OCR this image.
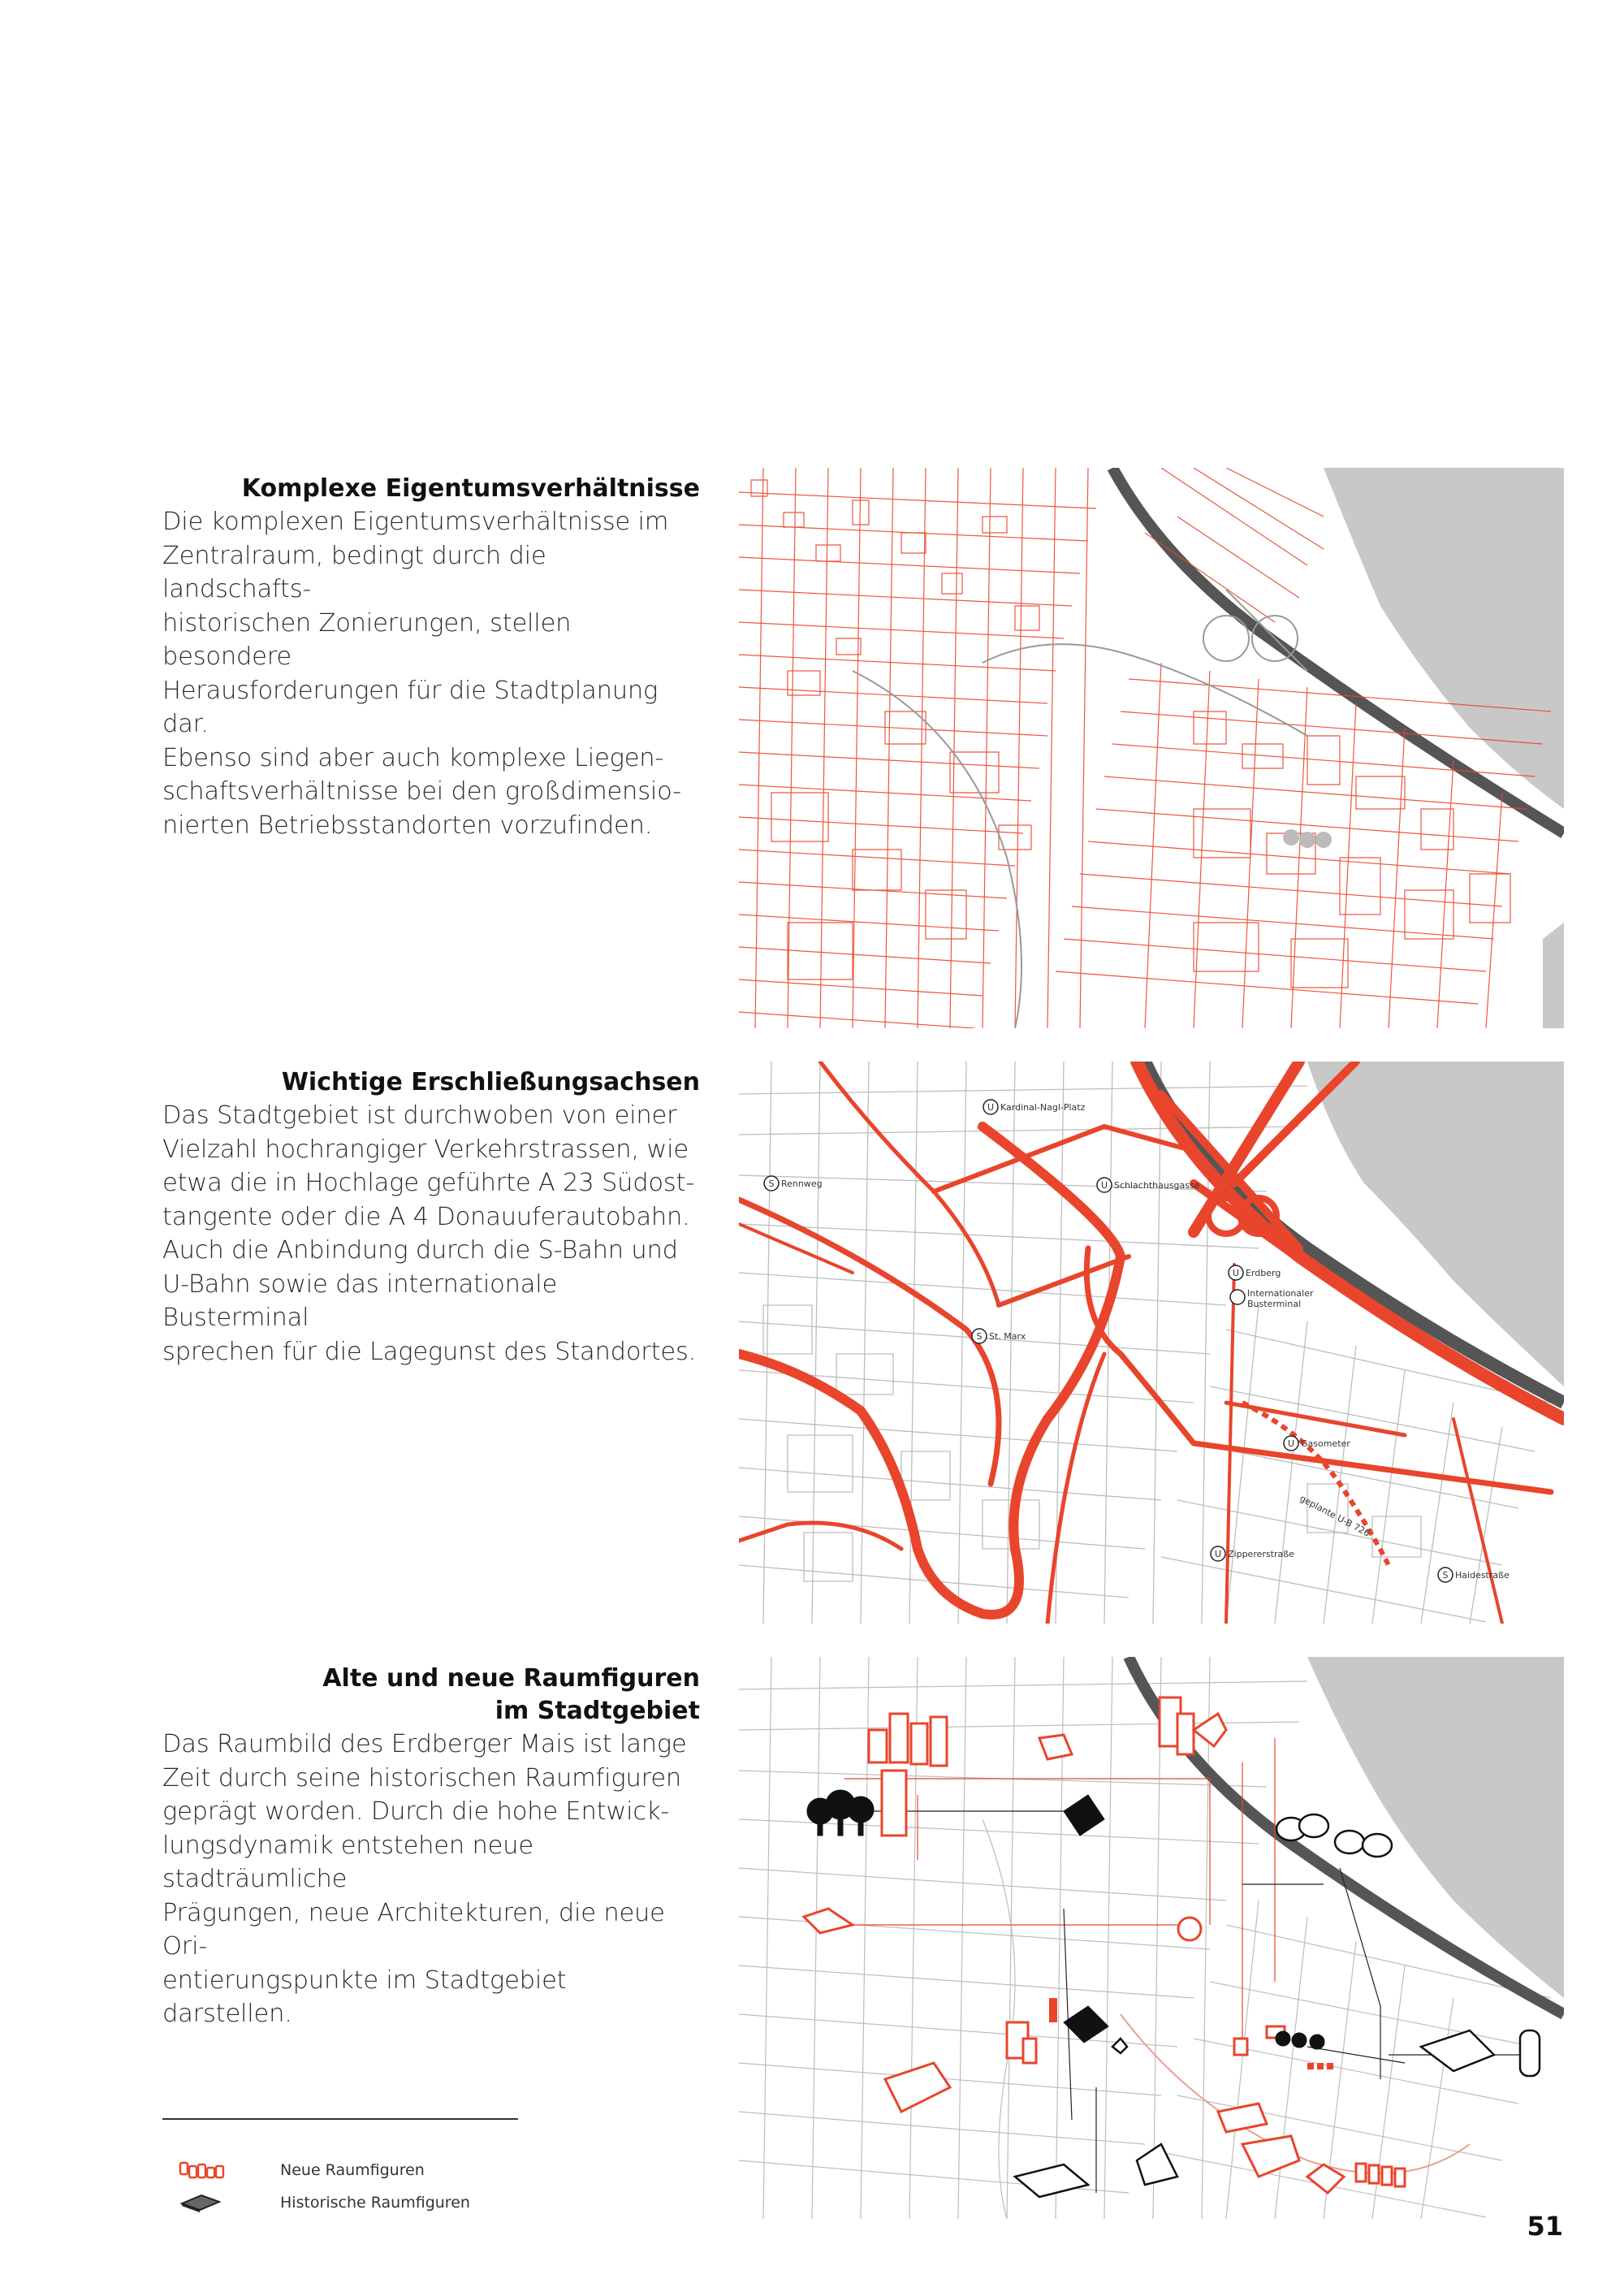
Komplexe Eigentumsverhältnisse

Die komplexen Eigentumsverhältnisse im
Zentralraum, bedingt durch die landschafts-
historischen Zonierungen, stellen besondere
Herausforderungen für die Stadtplanung dar.
Ebenso sind aber auch komplexe Liegen-
schaftsverhältnisse bei den großdimensio-
nierten Betriebsstandorten vorzufinden.

Wichtige Erschließungsachsen

Das Stadtgebiet ist durchwoben von einer
Vielzahl hochrangiger Verkehrstrassen, wie
etwa die in Hochlage geführte A 23 Südost-
tangente oder die A 4 Donauuferautobahn.
Auch die Anbindung durch die S-Bahn und
U-Bahn sowie das internationale Busterminal
sprechen für die Lagegunst des Standortes.

U
S	U
U
S
U
U
S
Kardinal-Nagl-Platz
Rennweg	Schlachthausgasse
Erdberg
Internationaler
Busterminal
St. Marx
Gasometer
geplante U-B 726
Zippererstraße
Haidestraße
Alte und neue Raumfiguren
im Stadtgebiet

Das Raumbild des Erdberger Mais ist lange
Zeit durch seine historischen Raumfiguren
geprägt worden. Durch die hohe Entwick-
lungsdynamik entstehen neue stadträumliche
Prägungen, neue Architekturen, die neue Ori-
entierungspunkte im Stadtgebiet darstellen.

Neue Raumfiguren
Historische Raumfiguren
51
